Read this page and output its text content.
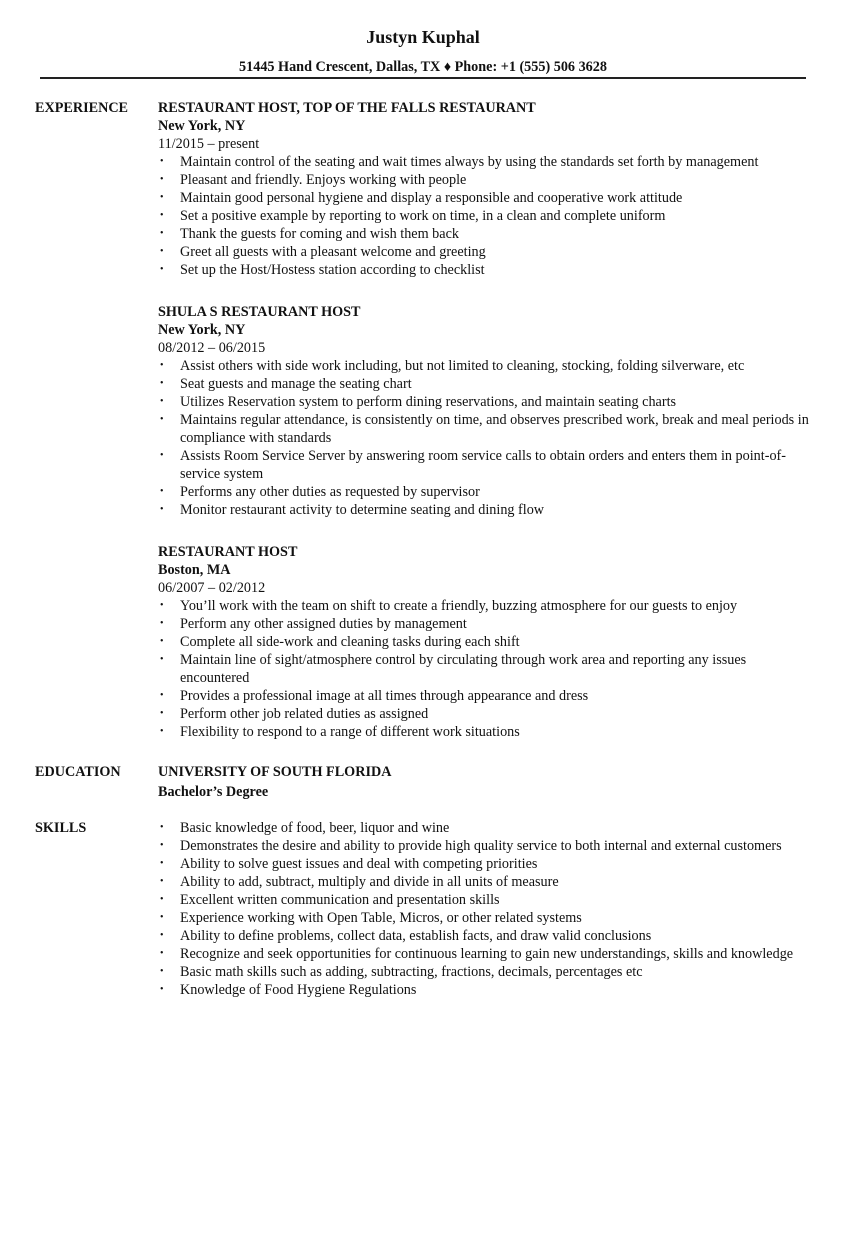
Justyn Kuphal
51445 Hand Crescent, Dallas, TX ♦ Phone: +1 (555) 506 3628
EXPERIENCE RESTAURANT HOST, TOP OF THE FALLS RESTAURANT
New York, NY
11/2015 – present
• Maintain control of the seating and wait times always by using the standards set forth by management
• Pleasant and friendly. Enjoys working with people
• Maintain good personal hygiene and display a responsible and cooperative work attitude
• Set a positive example by reporting to work on time, in a clean and complete uniform
• Thank the guests for coming and wish them back
• Greet all guests with a pleasant welcome and greeting
• Set up the Host/Hostess station according to checklist
SHULA S RESTAURANT HOST
New York, NY
08/2012 – 06/2015
• Assist others with side work including, but not limited to cleaning, stocking, folding silverware, etc
• Seat guests and manage the seating chart
• Utilizes Reservation system to perform dining reservations, and maintain seating charts
• Maintains regular attendance, is consistently on time, and observes prescribed work, break and meal periods in compliance with standards
• Assists Room Service Server by answering room service calls to obtain orders and enters them in point-of-service system
• Performs any other duties as requested by supervisor
• Monitor restaurant activity to determine seating and dining flow
RESTAURANT HOST
Boston, MA
06/2007 – 02/2012
• You’ll work with the team on shift to create a friendly, buzzing atmosphere for our guests to enjoy
• Perform any other assigned duties by management
• Complete all side-work and cleaning tasks during each shift
• Maintain line of sight/atmosphere control by circulating through work area and reporting any issues encountered
• Provides a professional image at all times through appearance and dress
• Perform other job related duties as assigned
• Flexibility to respond to a range of different work situations
EDUCATION	UNIVERSITY OF SOUTH FLORIDA
Bachelor’s Degree
SKILLS	• Basic knowledge of food, beer, liquor and wine
• Demonstrates the desire and ability to provide high quality service to both internal and external customers
• Ability to solve guest issues and deal with competing priorities
• Ability to add, subtract, multiply and divide in all units of measure
• Excellent written communication and presentation skills
• Experience working with Open Table, Micros, or other related systems
• Ability to define problems, collect data, establish facts, and draw valid conclusions
• Recognize and seek opportunities for continuous learning to gain new understandings, skills and knowledge
• Basic math skills such as adding, subtracting, fractions, decimals, percentages etc
• Knowledge of Food Hygiene Regulations
